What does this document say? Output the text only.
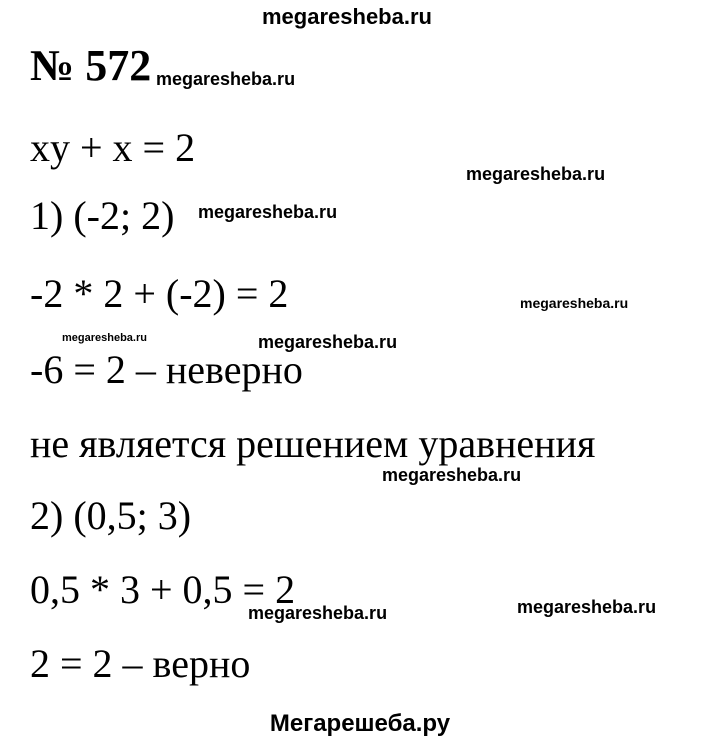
megaresheba.ru
megaresheba.ru
megaresheba.ru
megaresheba.ru
megaresheba.ru
megaresheba.ru	megaresheba.ru
megaresheba.ru
megaresheba.ru
megaresheba.ru
№ 572
xy + x = 2
1) (-2; 2)
-2 * 2 + (-2) = 2
-6 = 2 – неверно
не является решением уравнения
2) (0,5; 3)
0,5 * 3 + 0,5 = 2
2 = 2 – верно
Мегарешеба.ру
